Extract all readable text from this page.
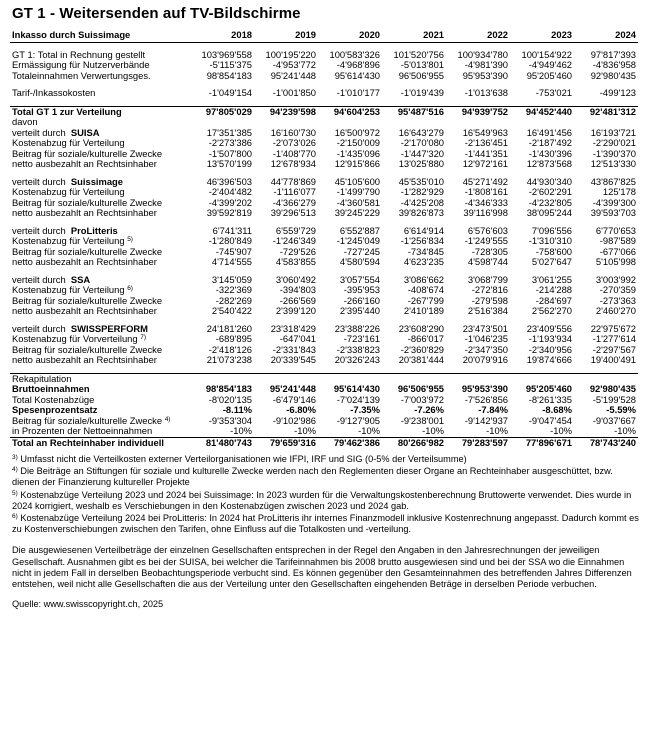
GT 1 - Weitersenden auf TV-Bildschirme
Inkasso durch Suissimage	2018	2019	2020	2021	2022	2023	2024

GT 1: Total in Rechnung gestellt	103'969'558	100'195'220	100'583'326	101'520'756	100'934'780	100'154'922	97'817'393
Ermässigung für Nutzerverbände	-5'115'375	-4'953'772	-4'968'896	-5'013'801	-4'981'390	-4'949'462	-4'836'958
Totaleinnahmen Verwertungsges.	98'854'183	95'241'448	95'614'430	96'506'955	95'953'390	95'205'460	92'980'435

Tarif-/Inkassokosten	-1'049'154	-1'001'850	-1'010'177	-1'019'439	-1'013'638	-753'021	-499'123

Total GT 1 zur Verteilung	97'805'029	94'239'598	94'604'253	95'487'516	94'939'752	94'452'440	92'481'312
davon							
verteilt durch SUISA	17'351'385	16'160'730	16'500'972	16'643'279	16'549'963	16'491'456	16'193'721
Kostenabzug für Verteilung	-2'273'386	-2'073'026	-2'150'009	-2'170'080	-2'136'451	-2'187'492	-2'290'021
Beitrag für soziale/kulturelle Zwecke	-1'507'800	-1'408'770	-1'435'096	-1'447'320	-1'441'351	-1'430'396	-1'390'370
netto ausbezahlt an Rechtsinhaber	13'570'199	12'678'934	12'915'866	13'025'880	12'972'161	12'873'568	12'513'330

verteilt durch Suissimage	46'396'503	44'778'869	45'105'600	45'535'010	45'271'492	44'930'340	43'867'825
Kostenabzug für Verteilung	-2'404'482	-1'116'077	-1'499'790	-1'282'929	-1'808'161	-2'602'291	125'178
Beitrag für soziale/kulturelle Zwecke	-4'399'202	-4'366'279	-4'360'581	-4'425'208	-4'346'333	-4'232'805	-4'399'300
netto ausbezahlt an Rechtsinhaber	39'592'819	39'296'513	39'245'229	39'826'873	39'116'998	38'095'244	39'593'703

verteilt durch ProLitteris	6'741'311	6'559'729	6'552'887	6'614'914	6'576'603	7'096'556	6'770'653
Kostenabzug für Verteilung $^{5)}$	-1'280'849	-1'246'349	-1'245'049	-1'256'834	-1'249'555	-1'310'310	-987'589
Beitrag für soziale/kulturelle Zwecke	-745'907	-729'526	-727'245	-734'845	-728'305	-758'600	-677'066
netto ausbezahlt an Rechtsinhaber	4'714'555	4'583'855	4'580'594	4'623'235	4'598'744	5'027'647	5'105'998

verteilt durch SSA	3'145'059	3'060'492	3'057'554	3'086'662	3'068'799	3'061'255	3'003'992
Kostenabzug für Verteilung $^{6)}$	-322'369	-394'803	-395'953	-408'674	-272'816	-214'288	-270'359
Beitrag für soziale/kulturelle Zwecke	-282'269	-266'569	-266'160	-267'799	-279'598	-284'697	-273'363
netto ausbezahlt an Rechtsinhaber	2'540'422	2'399'120	2'395'440	2'410'189	2'516'384	2'562'270	2'460'270

verteilt durch SWISSPERFORM	24'181'260	23'318'429	23'388'226	23'608'290	23'473'501	23'409'556	22'975'672
Kostenabzug für Vorverteilung $^{7)}$	-689'895	-647'041	-723'161	-866'017	-1'046'235	-1'193'934	-1'277'614
Beitrag für soziale/kulturelle Zwecke	-2'418'126	-2'331'843	-2'338'823	-2'360'829	-2'347'350	-2'340'956	-2'297'567
netto ausbezahlt an Rechtsinhaber	21'073'238	20'339'545	20'326'243	20'381'444	20'079'916	19'874'666	19'400'491

Rekapitulation							
Bruttoeinnahmen	98'854'183	95'241'448	95'614'430	96'506'955	95'953'390	95'205'460	92'980'435
Total Kostenabzüge	-8'020'135	-6'479'146	-7'024'139	-7'003'972	-7'526'856	-8'261'335	-5'199'528
Spesenprozentsatz	-8.11%	-6.80%	-7.35%	-7.26%	-7.84%	-8.68%	-5.59%
Beitrag für soziale/kulturelle Zwecke $^{4)}$	-9'353'304	-9'102'986	-9'127'905	-9'238'001	-9'142'937	-9'047'454	-9'037'667
in Prozenten der Nettoeinnahmen	-10%	-10%	-10%	-10%	-10%	-10%	-10%
Total an Rechteinhaber individuell	81'480'743	79'659'316	79'462'386	80'266'982	79'283'597	77'896'671	78'743'240
$^{3)}$ Umfasst nicht die Verteilkosten externer Verteilorganisationen wie IFPI, IRF und SIG (0-5% der Verteilsumme)
$^{4)}$ Die Beiträge an Stiftungen für soziale und kulturelle Zwecke werden nach den Reglementen dieser Organe an Rechteinhaber ausgeschüttet, bzw. dienen der Finanzierung kultureller Projekte
$^{5)}$ Kostenabzüge Verteilung 2023 und 2024 bei Suissimage: In 2023 wurden für die Verwaltungskostenberechnung Bruttowerte verwendet. Dies wurde in 2024 korrigiert, weshalb es Verschiebungen in den Kostenabzügen zwischen 2023 und 2024 gab.
$^{6)}$ Kostenabzüge Verteilung 2024 bei ProLitteris: In 2024 hat ProLitteris ihr internes Finanzmodell inklusive Kostenrechnung angepasst. Dadurch kommt es zu Kostenverschiebungen zwischen den Tarifen, ohne Einfluss auf die Totalkosten und -verteilung.
Die ausgewiesenen Verteilbeträge der einzelnen Gesellschaften entsprechen in der Regel den Angaben in den Jahresrechnungen der jeweiligen Gesellschaft. Ausnahmen gibt es bei der SUISA, bei welcher die Tarifeinnahmen bis 2008 brutto ausgewiesen sind und bei der SSA wo die Einnahmen nicht in jedem Fall in derselben Beobachtungsperiode verbucht sind. Es können gegenüber den Gesamteinnahmen des betreffenden Jahres Differenzen entstehen, weil nicht alle Gesellschaften die aus der Verteilung unter den Gesellschaften eingehenden Beträge in derselben Periode verbuchen.
Quelle: www.swisscopyright.ch, 2025
